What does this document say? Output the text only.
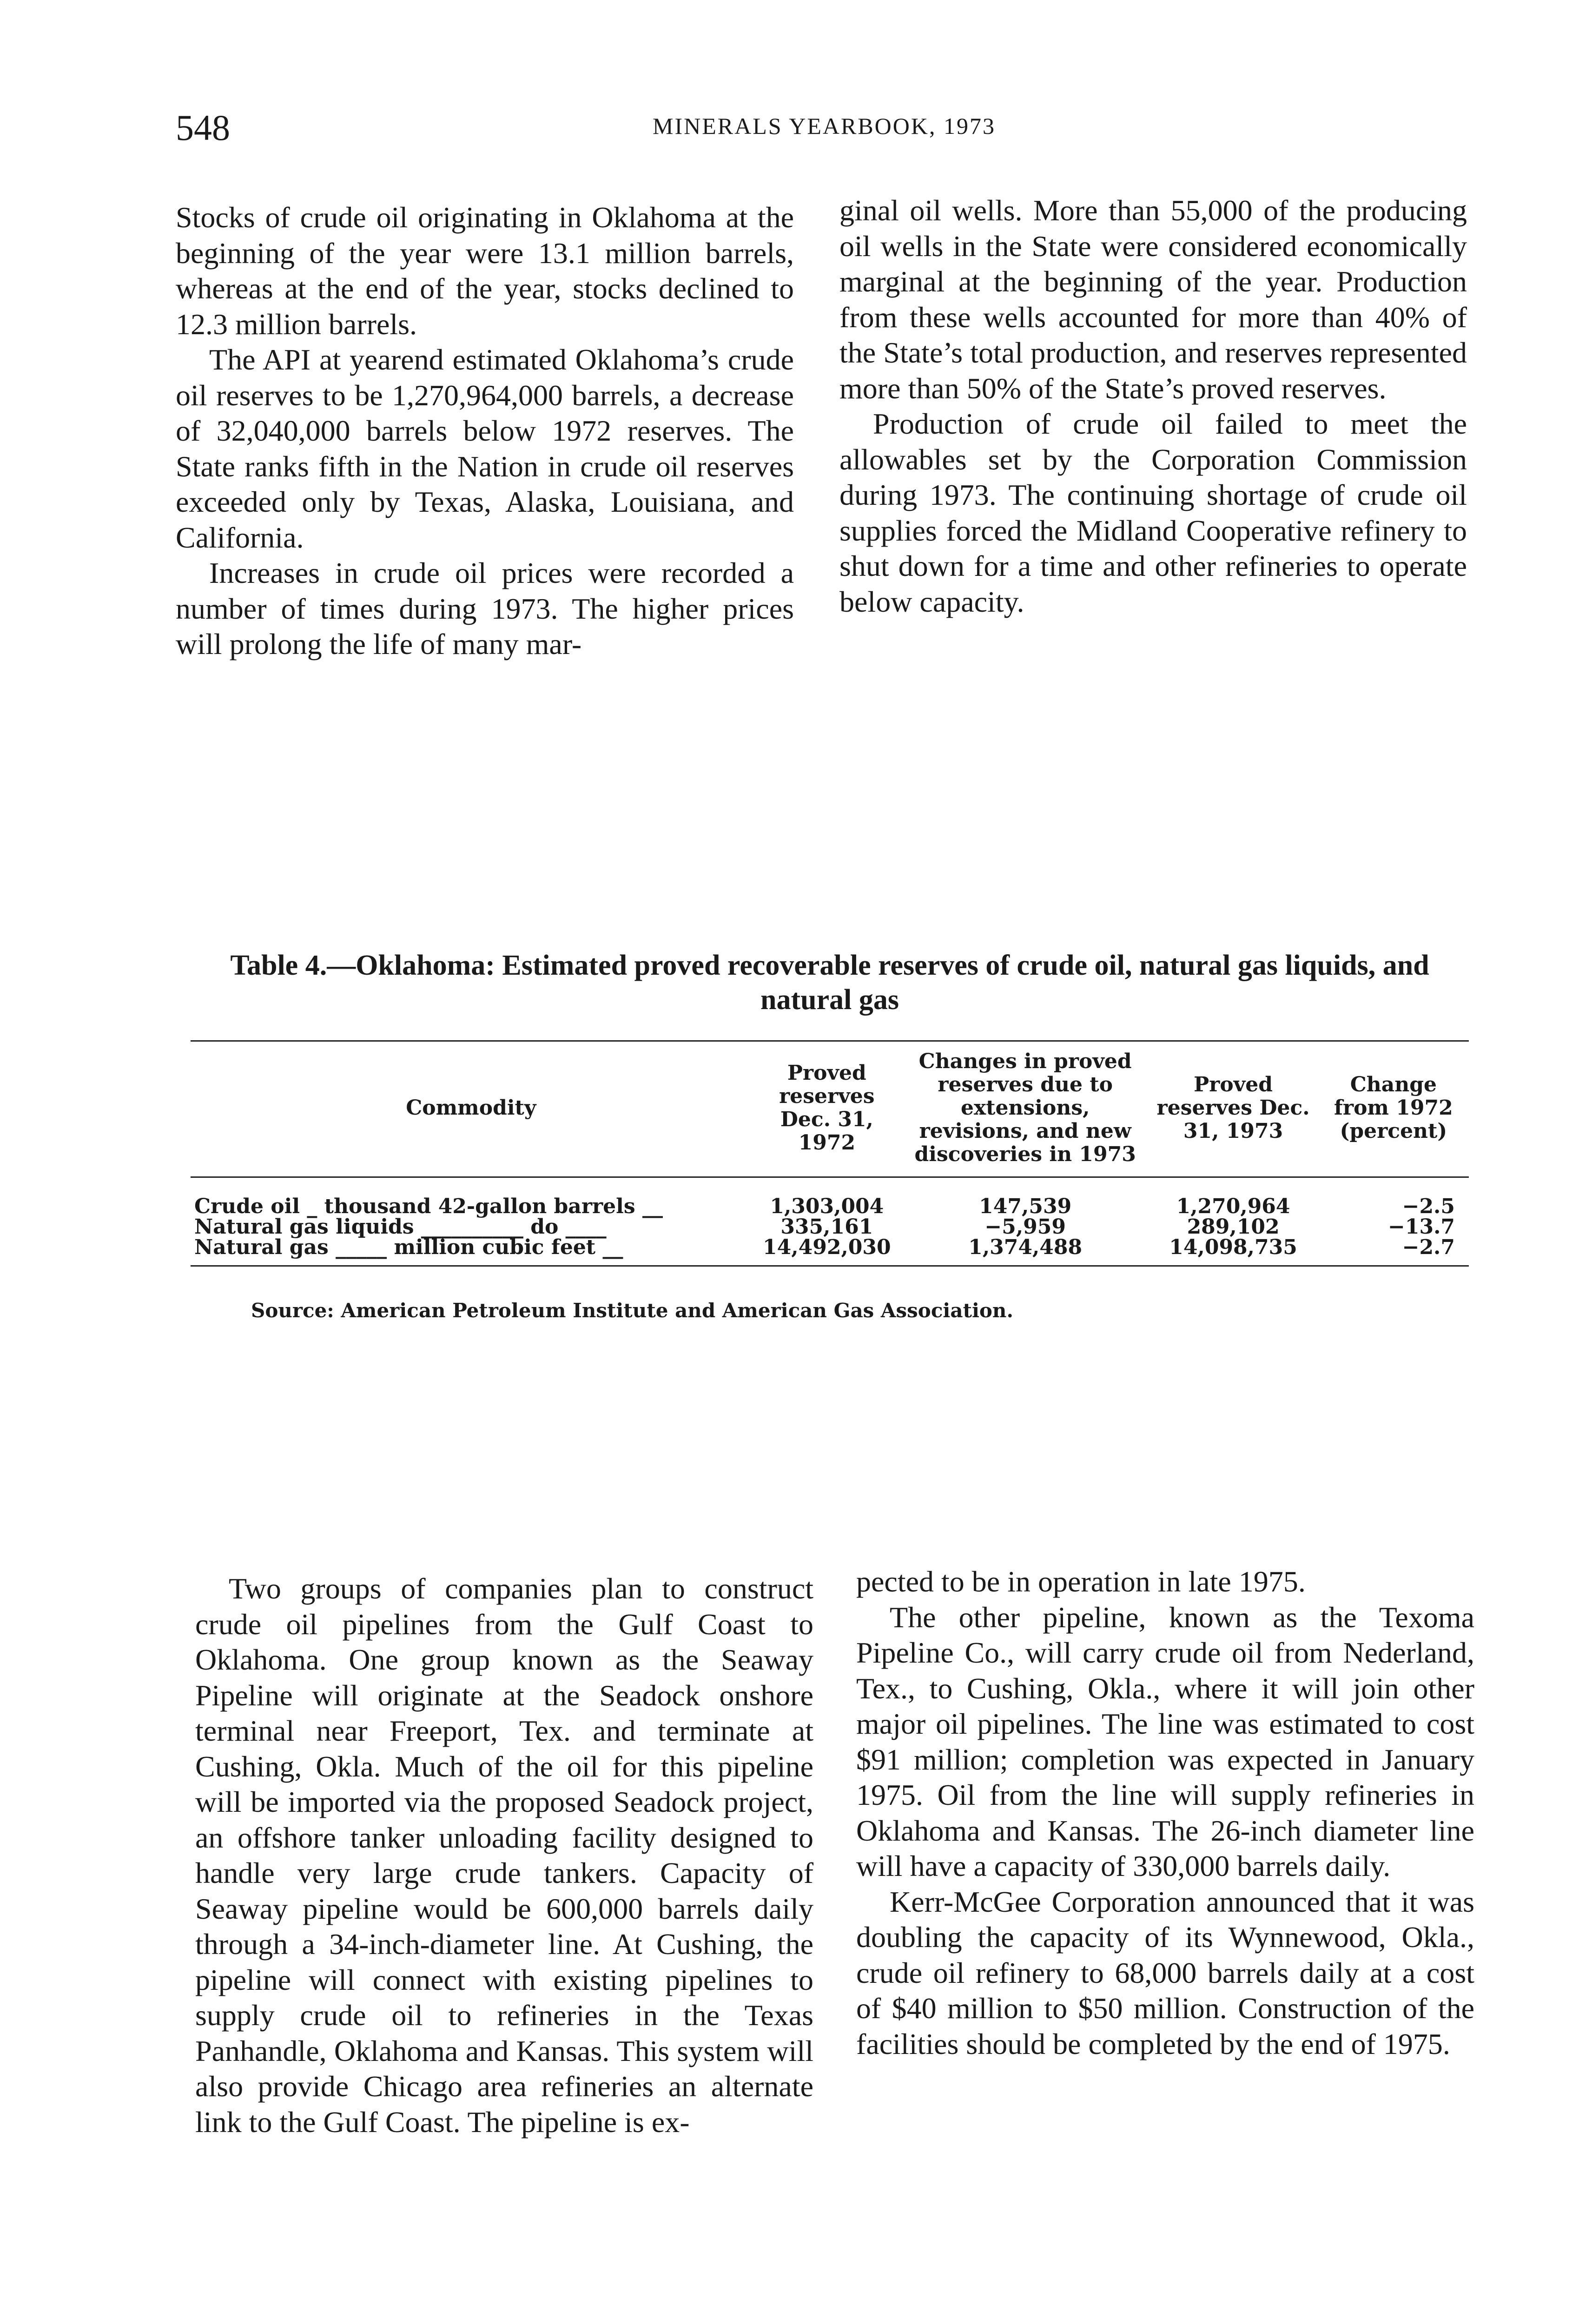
548	MINERALS YEARBOOK, 1973

Stocks of crude oil originating in Oklahoma at the beginning of the year were 13.1 million barrels, whereas at the end of the year, stocks declined to 12.3 million barrels.

The API at yearend estimated Oklahoma’s crude oil reserves to be 1,270,964,000 barrels, a decrease of 32,040,000 barrels below 1972 reserves. The State ranks fifth in the Nation in crude oil reserves exceeded only by Texas, Alaska, Louisiana, and California.

Increases in crude oil prices were recorded a number of times during 1973. The higher prices will prolong the life of many mar-

ginal oil wells. More than 55,000 of the producing oil wells in the State were considered economically marginal at the beginning of the year. Production from these wells accounted for more than 40% of the State’s total production, and reserves represented more than 50% of the State’s proved reserves.

Production of crude oil failed to meet the allowables set by the Corporation Commission during 1973. The continuing shortage of crude oil supplies forced the Midland Cooperative refinery to shut down for a time and other refineries to operate below capacity.

Table 4.—Oklahoma: Estimated proved recoverable reserves of crude oil, natural gas liquids, and natural gas
Commodity	Proved reserves Dec. 31, 1972	Changes in proved reserves due to extensions, revisions, and new discoveries in 1973	Proved reserves Dec. 31, 1973	Change from 1972 (percent)
Crude oil _ thousand 42-gallon barrels __	1,303,004	147,539	1,270,964	−2.5
Natural gas liquids __________ do ____	335,161	−5,959	289,102	−13.7
Natural gas _____ million cubic feet __	14,492,030	1,374,488	14,098,735	−2.7
Source: American Petroleum Institute and American Gas Association.

Two groups of companies plan to construct crude oil pipelines from the Gulf Coast to Oklahoma. One group known as the Seaway Pipeline will originate at the Seadock onshore terminal near Freeport, Tex. and terminate at Cushing, Okla. Much of the oil for this pipeline will be imported via the proposed Seadock project, an offshore tanker unloading facility designed to handle very large crude tankers. Capacity of Seaway pipeline would be 600,000 barrels daily through a 34-inch-diameter line. At Cushing, the pipeline will connect with existing pipelines to supply crude oil to refineries in the Texas Panhandle, Oklahoma and Kansas. This system will also provide Chicago area refineries an alternate link to the Gulf Coast. The pipeline is ex-

pected to be in operation in late 1975.

The other pipeline, known as the Texoma Pipeline Co., will carry crude oil from Nederland, Tex., to Cushing, Okla., where it will join other major oil pipelines. The line was estimated to cost $91 million; completion was expected in January 1975. Oil from the line will supply refineries in Oklahoma and Kansas. The 26-inch diameter line will have a capacity of 330,000 barrels daily.

Kerr-McGee Corporation announced that it was doubling the capacity of its Wynnewood, Okla., crude oil refinery to 68,000 barrels daily at a cost of $40 million to $50 million. Construction of the facilities should be completed by the end of 1975.
